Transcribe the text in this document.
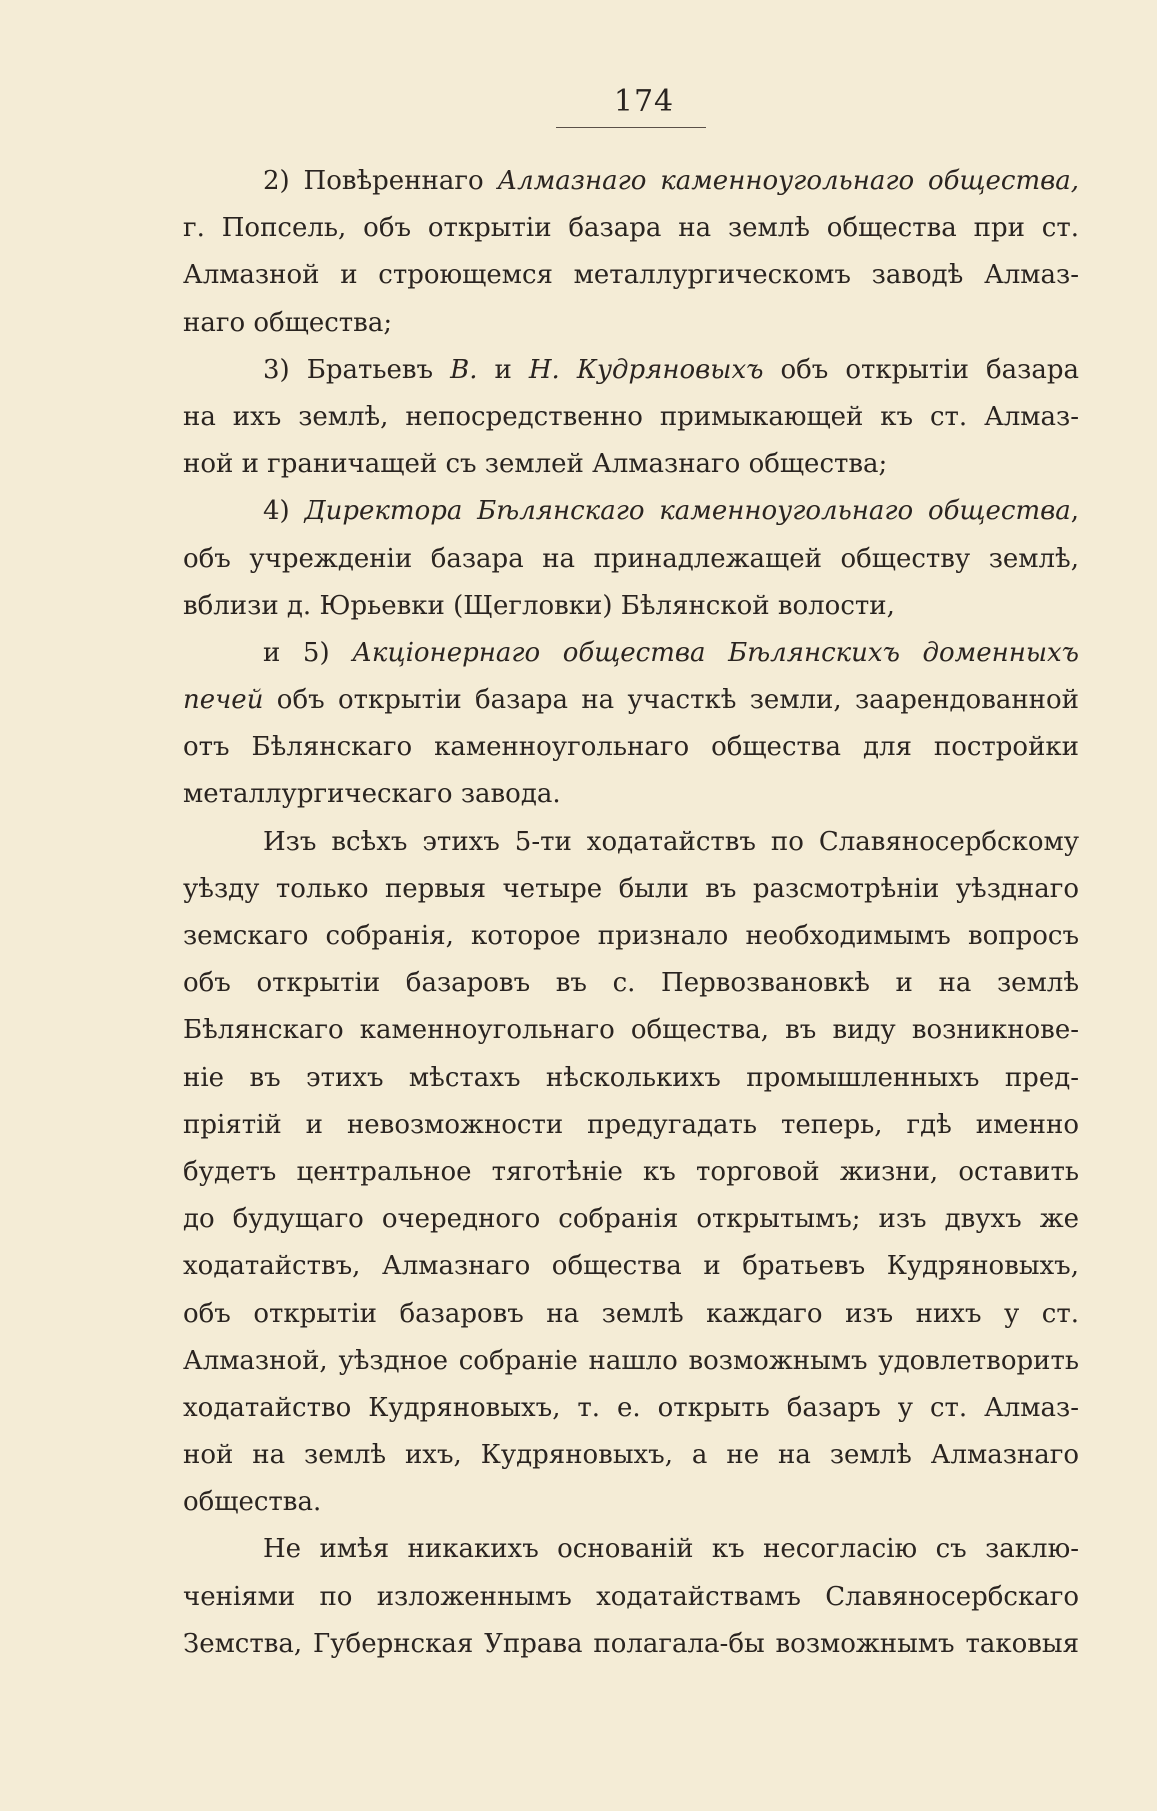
174
2) Повѣреннаго Алмазнаго каменноугольнаго общества,
г. Попсель, объ открытіи базара на землѣ общества при ст.
Алмазной и строющемся металлургическомъ заводѣ Алмаз-
наго общества;
3) Братьевъ В. и Н. Кудряновыхъ объ открытіи базара
на ихъ землѣ, непосредственно примыкающей къ ст. Алмаз-
ной и граничащей съ землей Алмазнаго общества;
4) Директора Бѣлянскаго каменноугольнаго общества,
объ учрежденіи базара на принадлежащей обществу землѣ,
вблизи д. Юрьевки (Щегловки) Бѣлянской волости,
и 5) Акціонернаго общества Бѣлянскихъ доменныхъ
печей объ открытіи базара на участкѣ земли, заарендованной
отъ Бѣлянскаго каменноугольнаго общества для постройки
металлургическаго завода.
Изъ всѣхъ этихъ 5-ти ходатайствъ по Славяносербскому
уѣзду только первыя четыре были въ разсмотрѣніи уѣзднаго
земскаго собранія, которое признало необходимымъ вопросъ
объ открытіи базаровъ въ с. Первозвановкѣ и на землѣ
Бѣлянскаго каменноугольнаго общества, въ виду возникнове-
ніе въ этихъ мѣстахъ нѣсколькихъ промышленныхъ пред-
пріятій и невозможности предугадать теперь, гдѣ именно
будетъ центральное тяготѣніе къ торговой жизни, оставить
до будущаго очередного собранія открытымъ; изъ двухъ же
ходатайствъ, Алмазнаго общества и братьевъ Кудряновыхъ,
объ открытіи базаровъ на землѣ каждаго изъ нихъ у ст.
Алмазной, уѣздное собраніе нашло возможнымъ удовлетворить
ходатайство Кудряновыхъ, т. е. открыть базаръ у ст. Алмаз-
ной на землѣ ихъ, Кудряновыхъ, а не на землѣ Алмазнаго
общества.
Не имѣя никакихъ основаній къ несогласію съ заклю-
ченіями по изложеннымъ ходатайствамъ Славяносербскаго
Земства, Губернская Управа полагала-бы возможнымъ таковыя
